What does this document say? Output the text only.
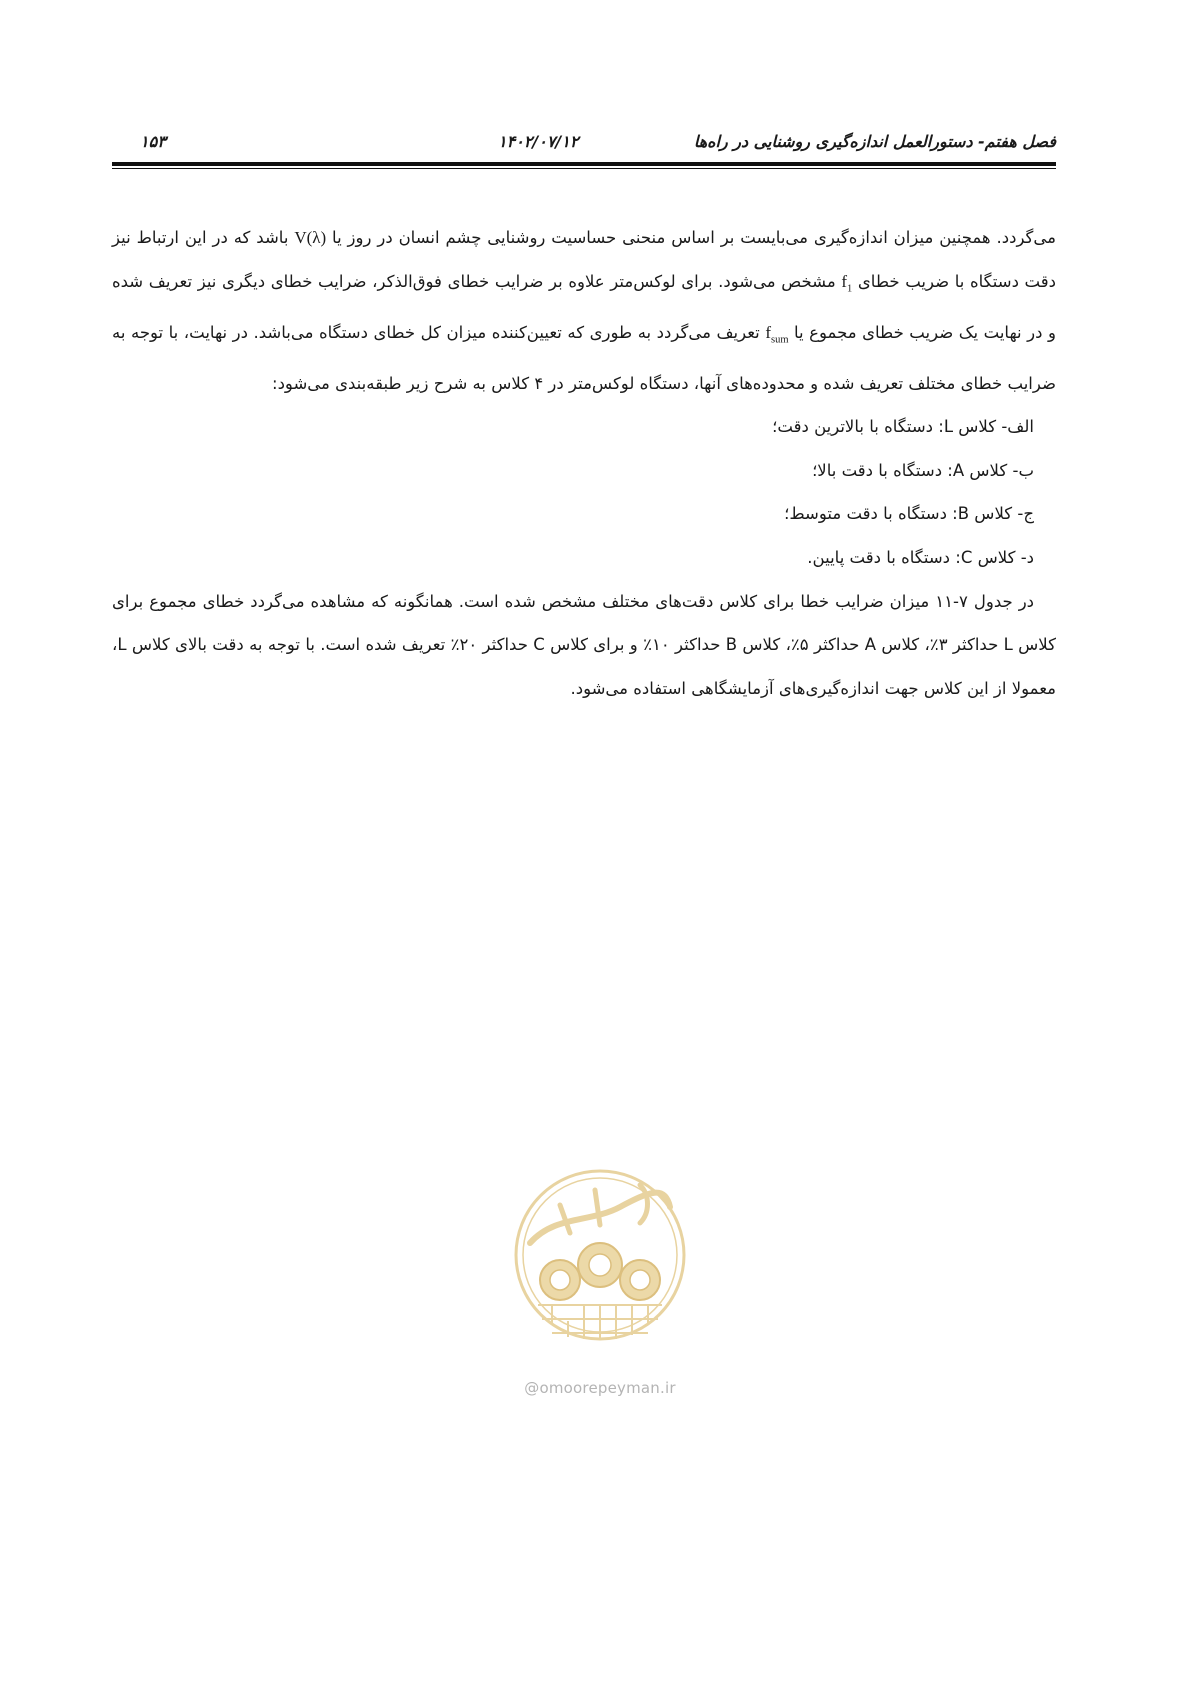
فصل هفتم- دستورالعمل اندازه‌گیری روشنایی در راه‌ها
۱۴۰۲/۰۷/۱۲
۱۵۳

می‌گردد. همچنین میزان اندازه‌گیری می‌بایست بر اساس منحنی حساسیت روشنایی چشم انسان در روز یا V(λ) باشد که در این ارتباط نیز دقت دستگاه با ضریب خطای $f_1$ مشخص می‌شود. برای لوکس‌متر علاوه بر ضرایب خطای فوق‌الذکر، ضرایب خطای دیگری نیز تعریف شده و در نهایت یک ضریب خطای مجموع یا $f_{sum}$ تعریف می‌گردد به طوری که تعیین‌کننده میزان کل خطای دستگاه می‌باشد. در نهایت، با توجه به ضرایب خطای مختلف تعریف شده و محدوده‌های آنها، دستگاه لوکس‌متر در ۴ کلاس به شرح زیر طبقه‌بندی می‌شود:

الف- کلاس L: دستگاه با بالاترین دقت؛

ب- کلاس A: دستگاه با دقت بالا؛

ج- کلاس B: دستگاه با دقت متوسط؛

د- کلاس C: دستگاه با دقت پایین.

در جدول ۷-۱۱ میزان ضرایب خطا برای کلاس دقت‌های مختلف مشخص شده است. همانگونه که مشاهده می‌گردد خطای مجموع برای کلاس L حداکثر ۳٪، کلاس A حداکثر ۵٪، کلاس B حداکثر ۱۰٪ و برای کلاس C حداکثر ۲۰٪ تعریف شده است. با توجه به دقت بالای کلاس L، معمولا از این کلاس جهت اندازه‌گیری‌های آزمایشگاهی استفاده می‌شود.

@omoorepeyman.ir
